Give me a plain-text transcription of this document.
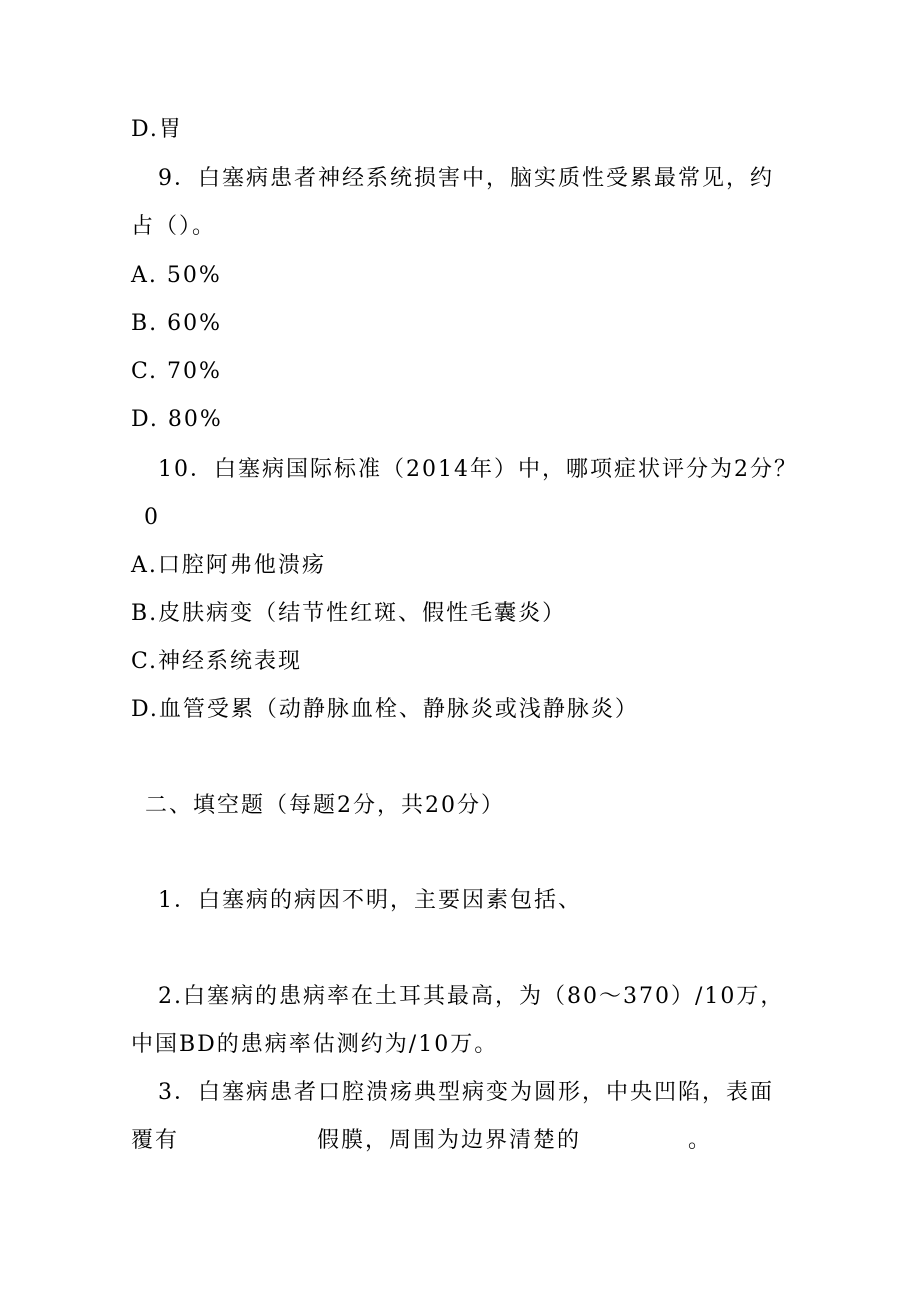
D.胃
9．白塞病患者神经系统损害中，脑实质性受累最常见，约
占（）。
A. 50%
B. 60%
C. 70%
D. 80%
10．白塞病国际标准（2014年）中，哪项症状评分为2分？
0
A.口腔阿弗他溃疡
B.皮肤病变（结节性红斑、假性毛囊炎）
C.神经系统表现
D.血管受累（动静脉血栓、静脉炎或浅静脉炎）
二、填空题（每题2分，共20分）
1．白塞病的病因不明，主要因素包括、
2.白塞病的患病率在土耳其最高，为（80～370）/10万，
中国BD的患病率估测约为/10万。
3．白塞病患者口腔溃疡典型病变为圆形，中央凹陷，表面
覆有	假膜，周围为边界清楚的	。
